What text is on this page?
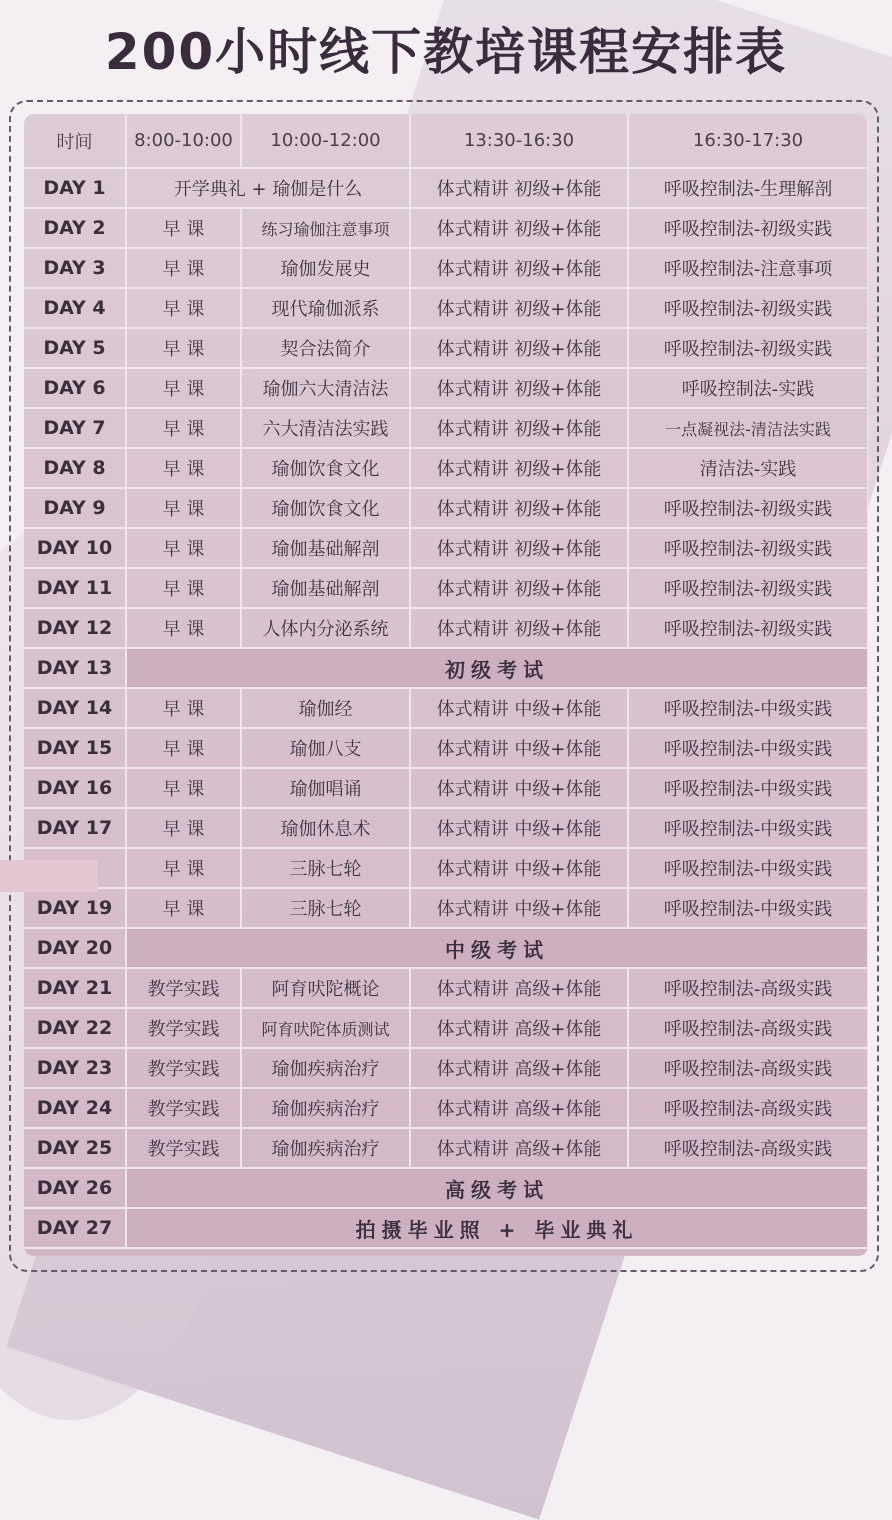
200小时线下教培课程安排表
时间	8:00-10:00	10:00-12:00	13:30-16:30	16:30-17:30
DAY 1	开学典礼 + 瑜伽是什么		体式精讲 初级+体能	呼吸控制法-生理解剖
DAY 2	早 课	练习瑜伽注意事项	体式精讲 初级+体能	呼吸控制法-初级实践
DAY 3	早 课	瑜伽发展史	体式精讲 初级+体能	呼吸控制法-注意事项
DAY 4	早 课	现代瑜伽派系	体式精讲 初级+体能	呼吸控制法-初级实践
DAY 5	早 课	契合法简介	体式精讲 初级+体能	呼吸控制法-初级实践
DAY 6	早 课	瑜伽六大清洁法	体式精讲 初级+体能	呼吸控制法-实践
DAY 7	早 课	六大清洁法实践	体式精讲 初级+体能	一点凝视法-清洁法实践
DAY 8	早 课	瑜伽饮食文化	体式精讲 初级+体能	清洁法-实践
DAY 9	早 课	瑜伽饮食文化	体式精讲 初级+体能	呼吸控制法-初级实践
DAY 10	早 课	瑜伽基础解剖	体式精讲 初级+体能	呼吸控制法-初级实践
DAY 11	早 课	瑜伽基础解剖	体式精讲 初级+体能	呼吸控制法-初级实践
DAY 12	早 课	人体内分泌系统	体式精讲 初级+体能	呼吸控制法-初级实践
DAY 13	初级考试			
DAY 14	早 课	瑜伽经	体式精讲 中级+体能	呼吸控制法-中级实践
DAY 15	早 课	瑜伽八支	体式精讲 中级+体能	呼吸控制法-中级实践
DAY 16	早 课	瑜伽唱诵	体式精讲 中级+体能	呼吸控制法-中级实践
DAY 17	早 课	瑜伽休息术	体式精讲 中级+体能	呼吸控制法-中级实践
	早 课	三脉七轮	体式精讲 中级+体能	呼吸控制法-中级实践
DAY 19	早 课	三脉七轮	体式精讲 中级+体能	呼吸控制法-中级实践
DAY 20	中级考试			
DAY 21	教学实践	阿育吠陀概论	体式精讲 高级+体能	呼吸控制法-高级实践
DAY 22	教学实践	阿育吠陀体质测试	体式精讲 高级+体能	呼吸控制法-高级实践
DAY 23	教学实践	瑜伽疾病治疗	体式精讲 高级+体能	呼吸控制法-高级实践
DAY 24	教学实践	瑜伽疾病治疗	体式精讲 高级+体能	呼吸控制法-高级实践
DAY 25	教学实践	瑜伽疾病治疗	体式精讲 高级+体能	呼吸控制法-高级实践
DAY 26	高级考试			
DAY 27	拍摄毕业照 + 毕业典礼			
